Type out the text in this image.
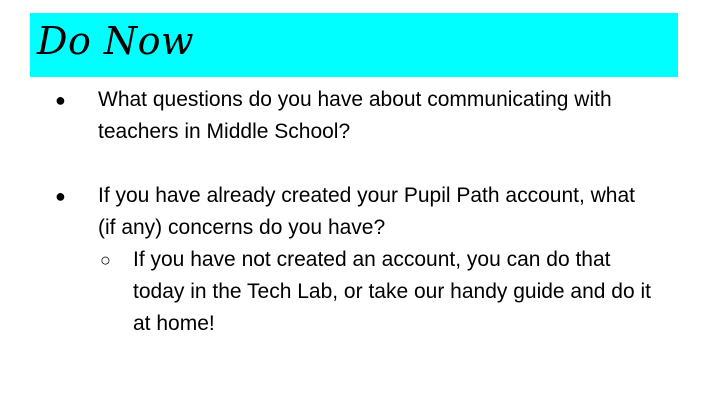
Do Now
● What questions do you have about communicating with teachers in Middle School?
● If you have already created your Pupil Path account, what (if any) concerns do you have?
○ If you have not created an account, you can do that today in the Tech Lab, or take our handy guide and do it at home!
